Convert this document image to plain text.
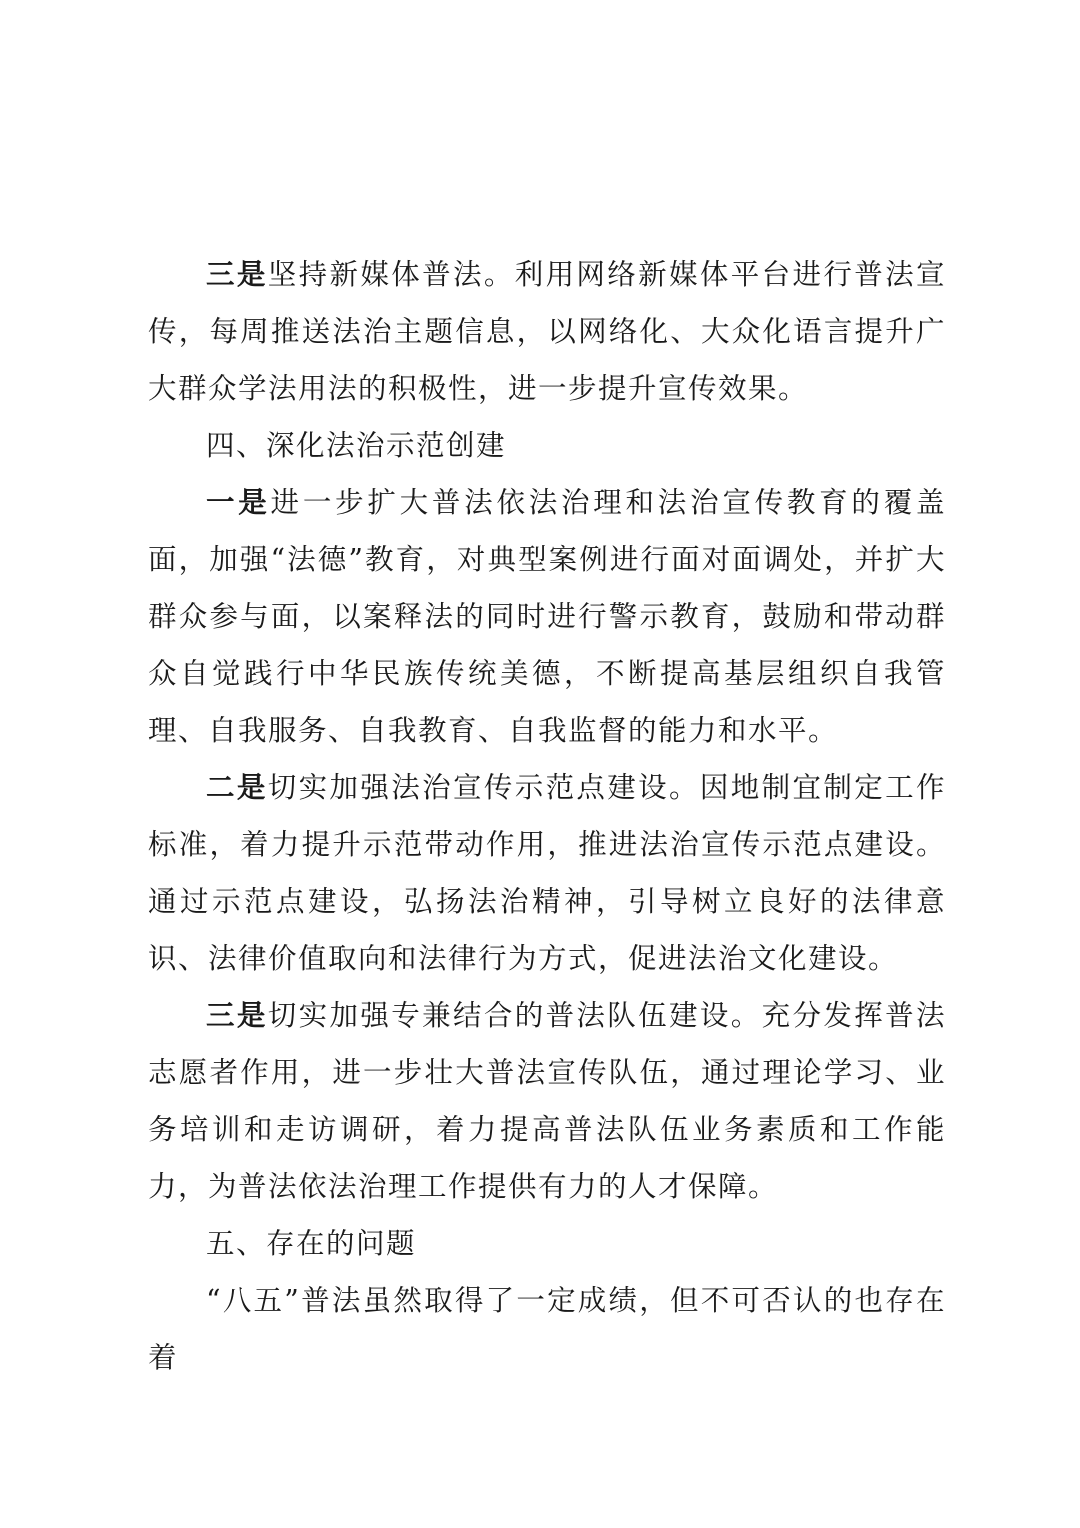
三是坚持新媒体普法。利用网络新媒体平台进行普法宣传，每周推送法治主题信息，以网络化、大众化语言提升广大群众学法用法的积极性，进一步提升宣传效果。

四、深化法治示范创建

一是进一步扩大普法依法治理和法治宣传教育的覆盖面，加强“法德”教育，对典型案例进行面对面调处，并扩大群众参与面，以案释法的同时进行警示教育，鼓励和带动群众自觉践行中华民族传统美德，不断提高基层组织自我管理、自我服务、自我教育、自我监督的能力和水平。

二是切实加强法治宣传示范点建设。因地制宜制定工作标准，着力提升示范带动作用，推进法治宣传示范点建设。通过示范点建设，弘扬法治精神，引导树立良好的法律意识、法律价值取向和法律行为方式，促进法治文化建设。

三是切实加强专兼结合的普法队伍建设。充分发挥普法志愿者作用，进一步壮大普法宣传队伍，通过理论学习、业务培训和走访调研，着力提高普法队伍业务素质和工作能力，为普法依法治理工作提供有力的人才保障。

五、存在的问题

“八五”普法虽然取得了一定成绩，但不可否认的也存在着
